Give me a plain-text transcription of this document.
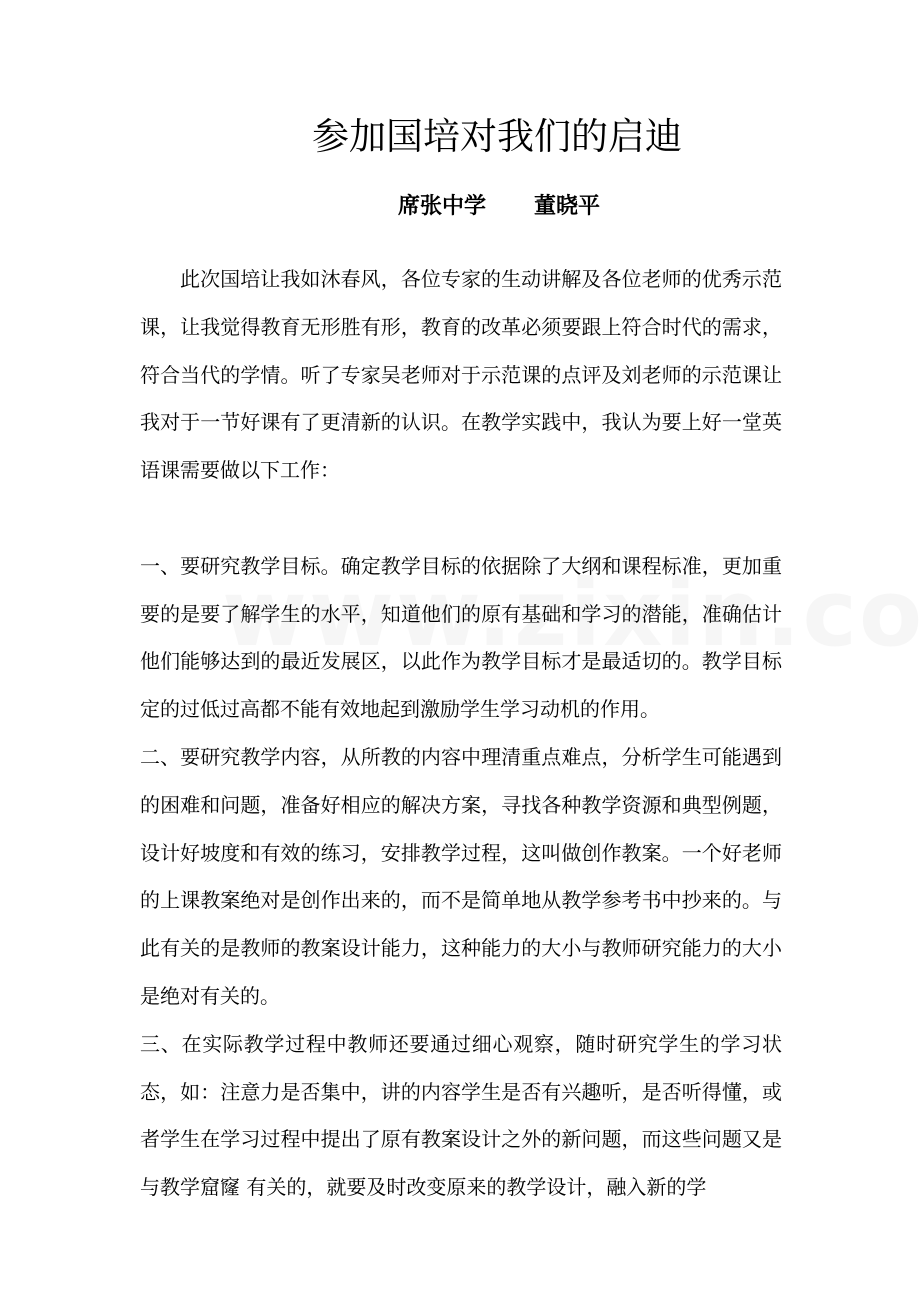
参加国培对我们的启迪
席张中学 董晓平

此次国培让我如沐春风，各位专家的生动讲解及各位老师的优秀示范课，让我觉得教育无形胜有形，教育的改革必须要跟上符合时代的需求，符合当代的学情。听了专家吴老师对于示范课的点评及刘老师的示范课让我对于一节好课有了更清新的认识。在教学实践中，我认为要上好一堂英语课需要做以下工作：

一、要研究教学目标。确定教学目标的依据除了大纲和课程标准，更加重要的是要了解学生的水平，知道他们的原有基础和学习的潜能，准确估计他们能够达到的最近发展区，以此作为教学目标才是最适切的。教学目标定的过低过高都不能有效地起到激励学生学习动机的作用。

二、要研究教学内容，从所教的内容中理清重点难点，分析学生可能遇到的困难和问题，准备好相应的解决方案，寻找各种教学资源和典型例题，设计好坡度和有效的练习，安排教学过程，这叫做创作教案。一个好老师的上课教案绝对是创作出来的，而不是简单地从教学参考书中抄来的。与此有关的是教师的教案设计能力，这种能力的大小与教师研究能力的大小是绝对有关的。

三、在实际教学过程中教师还要通过细心观察，随时研究学生的学习状态，如：注意力是否集中，讲的内容学生是否有兴趣听，是否听得懂，或者学生在学习过程中提出了原有教案设计之外的新问题，而这些问题又是与教学窟窿 有关的，就要及时改变原来的教学设计，融入新的学
